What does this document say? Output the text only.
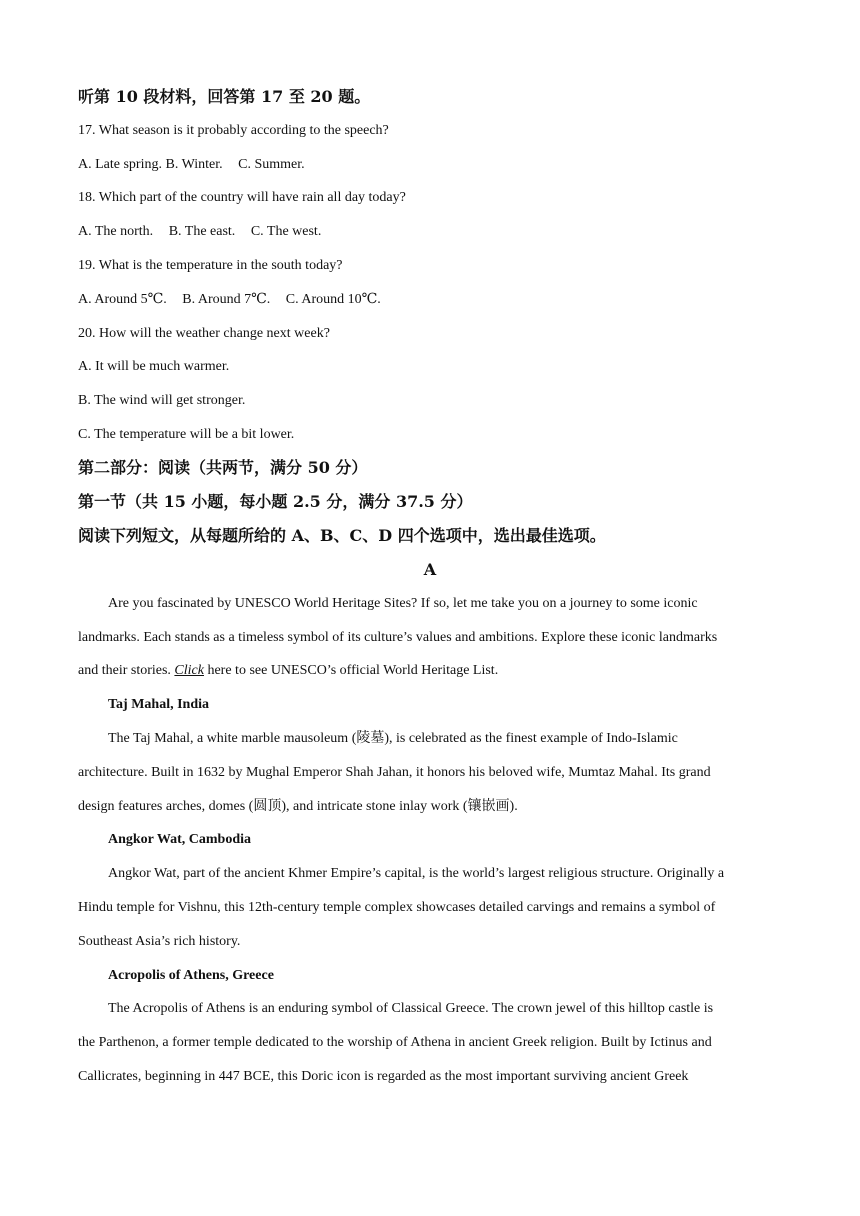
听第 10 段材料，回答第 17 至 20 题。
17. What season is it probably according to the speech?
A. Late spring. B. Winter. C. Summer.
18. Which part of the country will have rain all day today?
A. The north. B. The east. C. The west.
19. What is the temperature in the south today?
A. Around 5℃. B. Around 7℃. C. Around 10℃.
20. How will the weather change next week?
A. It will be much warmer.
B. The wind will get stronger.
C. The temperature will be a bit lower.
第二部分：阅读（共两节，满分 50 分）
第一节（共 15 小题，每小题 2.5 分，满分 37.5 分）
阅读下列短文，从每题所给的 A、B、C、D 四个选项中，选出最佳选项。
A
Are you fascinated by UNESCO World Heritage Sites? If so, let me take you on a journey to some iconic
landmarks. Each stands as a timeless symbol of its culture’s values and ambitions. Explore these iconic landmarks
and their stories. Click here to see UNESCO’s official World Heritage List.
Taj Mahal, India
The Taj Mahal, a white marble mausoleum (陵墓), is celebrated as the finest example of Indo-Islamic
architecture. Built in 1632 by Mughal Emperor Shah Jahan, it honors his beloved wife, Mumtaz Mahal. Its grand
design features arches, domes (圆顶), and intricate stone inlay work (镶嵌画).
Angkor Wat, Cambodia
Angkor Wat, part of the ancient Khmer Empire’s capital, is the world’s largest religious structure. Originally a
Hindu temple for Vishnu, this 12th-century temple complex showcases detailed carvings and remains a symbol of
Southeast Asia’s rich history.
Acropolis of Athens, Greece
The Acropolis of Athens is an enduring symbol of Classical Greece. The crown jewel of this hilltop castle is
the Parthenon, a former temple dedicated to the worship of Athena in ancient Greek religion. Built by Ictinus and
Callicrates, beginning in 447 BCE, this Doric icon is regarded as the most important surviving ancient Greek
